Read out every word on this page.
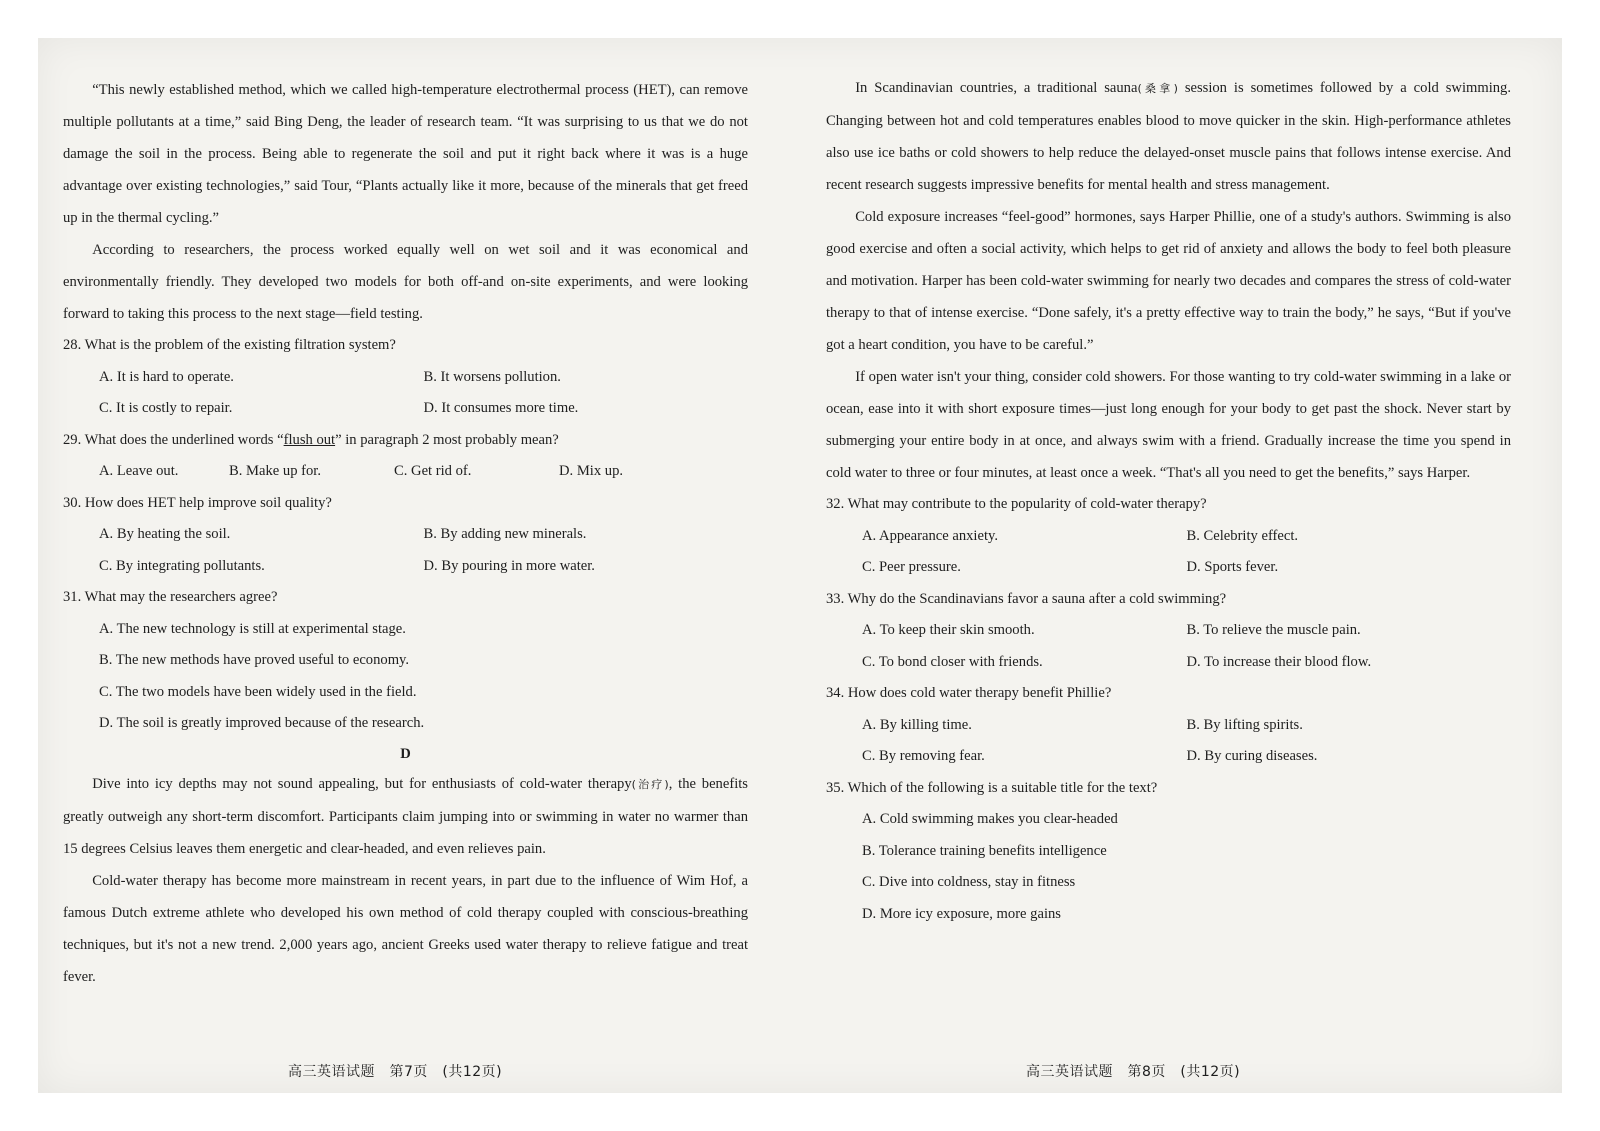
“This newly established method, which we called high-temperature electrothermal process (HET), can remove multiple pollutants at a time,” said Bing Deng, the leader of research team. “It was surprising to us that we do not damage the soil in the process. Being able to regenerate the soil and put it right back where it was is a huge advantage over existing technologies,” said Tour, “Plants actually like it more, because of the minerals that get freed up in the thermal cycling.”

According to researchers, the process worked equally well on wet soil and it was economical and environmentally friendly. They developed two models for both off-and on-site experiments, and were looking forward to taking this process to the next stage—field testing.

28. What is the problem of the existing filtration system?
A. It is hard to operate.	B. It worsens pollution.
C. It is costly to repair.	D. It consumes more time.
29. What does the underlined words “flush out” in paragraph 2 most probably mean?
A. Leave out.	B. Make up for.	C. Get rid of.	D. Mix up.
30. How does HET help improve soil quality?
A. By heating the soil.	B. By adding new minerals.
C. By integrating pollutants.	D. By pouring in more water.
31. What may the researchers agree?
A. The new technology is still at experimental stage.
B. The new methods have proved useful to economy.
C. The two models have been widely used in the field.
D. The soil is greatly improved because of the research.
D

Dive into icy depths may not sound appealing, but for enthusiasts of cold-water therapy(治疗), the benefits greatly outweigh any short-term discomfort. Participants claim jumping into or swimming in water no warmer than 15 degrees Celsius leaves them energetic and clear-headed, and even relieves pain.

Cold-water therapy has become more mainstream in recent years, in part due to the influence of Wim Hof, a famous Dutch extreme athlete who developed his own method of cold therapy coupled with conscious-breathing techniques, but it's not a new trend. 2,000 years ago, ancient Greeks used water therapy to relieve fatigue and treat fever.

高三英语试题　第7页　(共12页)

In Scandinavian countries, a traditional sauna(桑拿) session is sometimes followed by a cold swimming. Changing between hot and cold temperatures enables blood to move quicker in the skin. High-performance athletes also use ice baths or cold showers to help reduce the delayed-onset muscle pains that follows intense exercise. And recent research suggests impressive benefits for mental health and stress management.

Cold exposure increases “feel-good” hormones, says Harper Phillie, one of a study's authors. Swimming is also good exercise and often a social activity, which helps to get rid of anxiety and allows the body to feel both pleasure and motivation. Harper has been cold-water swimming for nearly two decades and compares the stress of cold-water therapy to that of intense exercise. “Done safely, it's a pretty effective way to train the body,” he says, “But if you've got a heart condition, you have to be careful.”

If open water isn't your thing, consider cold showers. For those wanting to try cold-water swimming in a lake or ocean, ease into it with short exposure times—just long enough for your body to get past the shock. Never start by submerging your entire body in at once, and always swim with a friend. Gradually increase the time you spend in cold water to three or four minutes, at least once a week. “That's all you need to get the benefits,” says Harper.

32. What may contribute to the popularity of cold-water therapy?
A. Appearance anxiety.	B. Celebrity effect.
C. Peer pressure.	D. Sports fever.
33. Why do the Scandinavians favor a sauna after a cold swimming?
A. To keep their skin smooth.	B. To relieve the muscle pain.
C. To bond closer with friends.	D. To increase their blood flow.
34. How does cold water therapy benefit Phillie?
A. By killing time.	B. By lifting spirits.
C. By removing fear.	D. By curing diseases.
35. Which of the following is a suitable title for the text?
A. Cold swimming makes you clear-headed
B. Tolerance training benefits intelligence
C. Dive into coldness, stay in fitness
D. More icy exposure, more gains
高三英语试题　第8页　(共12页)
